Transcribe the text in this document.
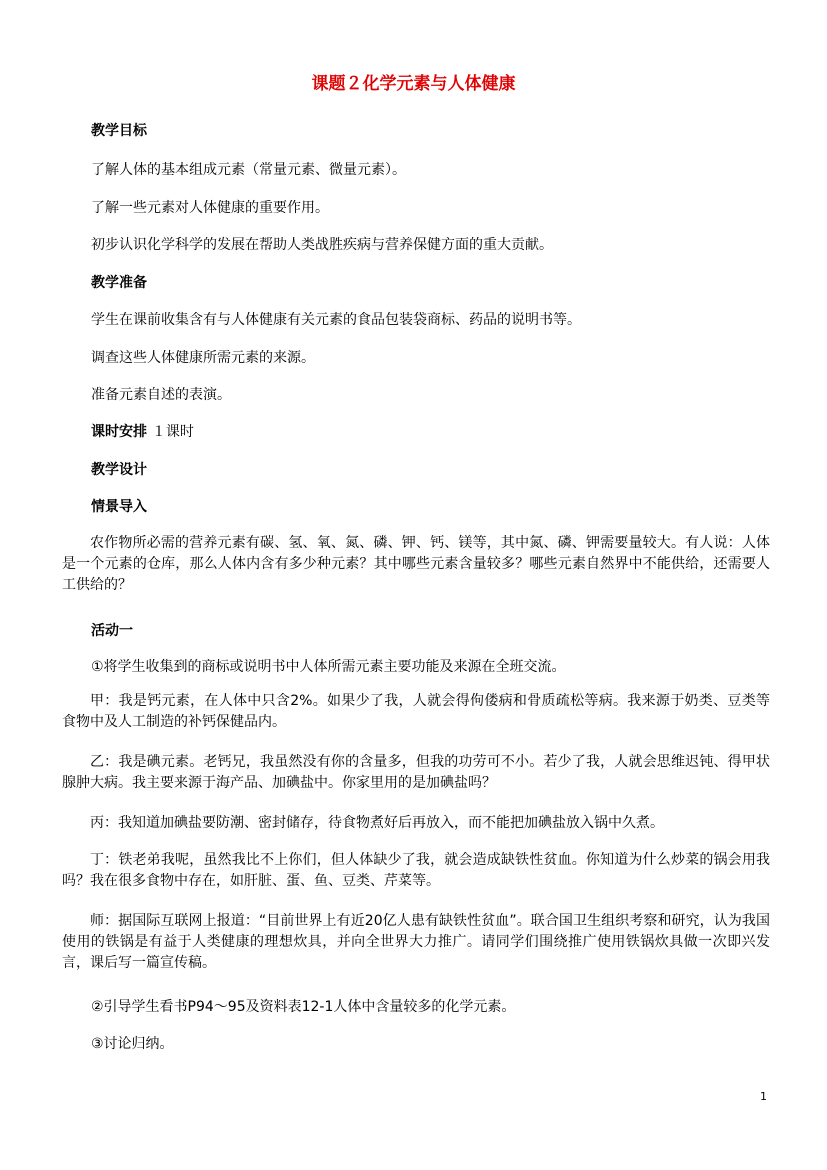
课题２化学元素与人体健康
教学目标
了解人体的基本组成元素（常量元素、微量元素）。
了解一些元素对人体健康的重要作用。
初步认识化学科学的发展在帮助人类战胜疾病与营养保健方面的重大贡献。
教学准备
学生在课前收集含有与人体健康有关元素的食品包装袋商标、药品的说明书等。
调查这些人体健康所需元素的来源。
准备元素自述的表演。
课时安排 １课时
教学设计
情景导入
农作物所必需的营养元素有碳、氢、氧、氮、磷、钾、钙、镁等，其中氮、磷、钾需要量较大。有人说：人体是一个元素的仓库，那么人体内含有多少种元素？其中哪些元素含量较多？哪些元素自然界中不能供给，还需要人工供给的？
活动一
①将学生收集到的商标或说明书中人体所需元素主要功能及来源在全班交流。
甲：我是钙元素，在人体中只含2%。如果少了我，人就会得佝偻病和骨质疏松等病。我来源于奶类、豆类等食物中及人工制造的补钙保健品内。
乙：我是碘元素。老钙兄，我虽然没有你的含量多，但我的功劳可不小。若少了我，人就会思维迟钝、得甲状腺肿大病。我主要来源于海产品、加碘盐中。你家里用的是加碘盐吗？
丙：我知道加碘盐要防潮、密封储存，待食物煮好后再放入，而不能把加碘盐放入锅中久煮。
丁：铁老弟我呢，虽然我比不上你们，但人体缺少了我，就会造成缺铁性贫血。你知道为什么炒菜的锅会用我吗？我在很多食物中存在，如肝脏、蛋、鱼、豆类、芹菜等。
师：据国际互联网上报道：“目前世界上有近20亿人患有缺铁性贫血”。联合国卫生组织考察和研究，认为我国使用的铁锅是有益于人类健康的理想炊具，并向全世界大力推广。请同学们围绕推广使用铁锅炊具做一次即兴发言，课后写一篇宣传稿。
②引导学生看书P94～95及资料表12-1人体中含量较多的化学元素。
③讨论归纳。
1
